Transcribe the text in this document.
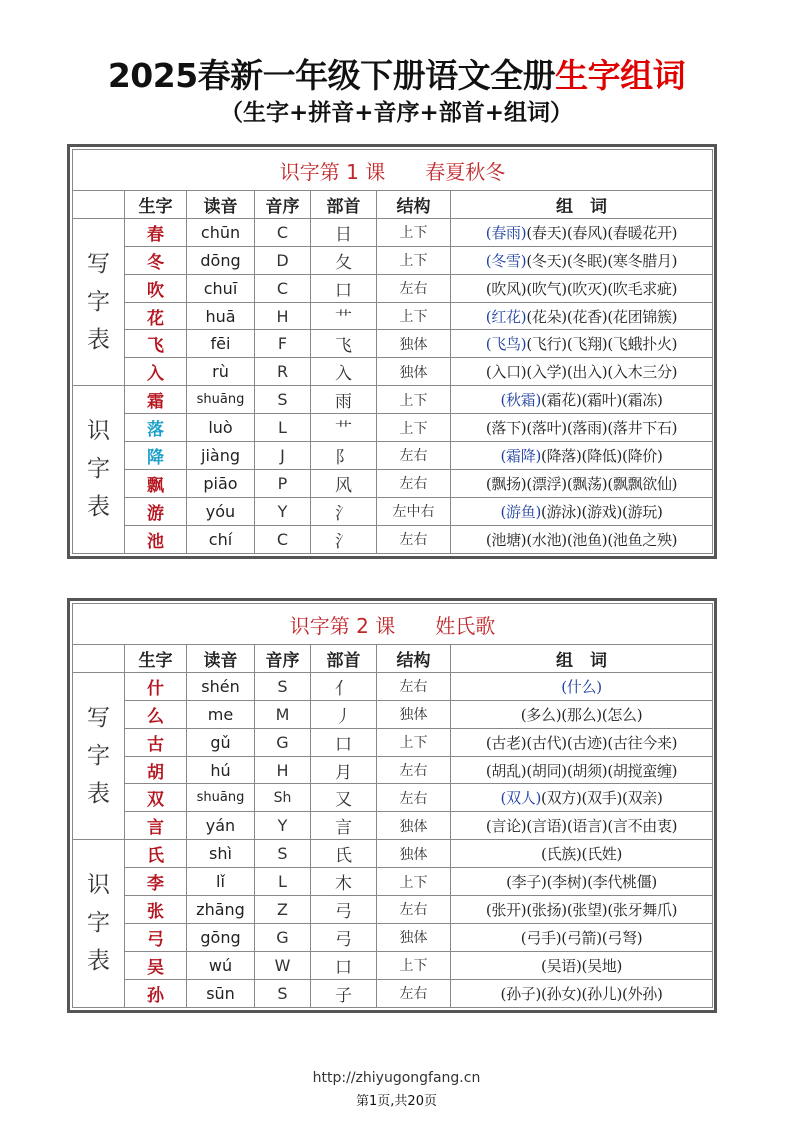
2025春新一年级下册语文全册生字组词
（生字+拼音+音序+部首+组词）
识字第 1 课 春夏秋冬						
	生字	读音	音序	部首	结构	组　词

写
字
表	春	chūn	C	日	上下	(春雨)(春天)(春风)(春暖花开)
	冬	dōng	D	夂	上下	(冬雪)(冬天)(冬眠)(寒冬腊月)
	吹	chuī	C	口	左右	(吹风)(吹气)(吹灭)(吹毛求疵)
	花	huā	H	艹	上下	(红花)(花朵)(花香)(花团锦簇)
	飞	fēi	F	飞	独体	(飞鸟)(飞行)(飞翔)(飞蛾扑火)
	入	rù	R	入	独体	(入口)(入学)(出入)(入木三分)

识
字
表	霜	shuāng	S	雨	上下	(秋霜)(霜花)(霜叶)(霜冻)
	落	luò	L	艹	上下	(落下)(落叶)(落雨)(落井下石)
	降	jiàng	J	阝	左右	(霜降)(降落)(降低)(降价)
	飘	piāo	P	风	左右	(飘扬)(漂浮)(飘荡)(飘飘欲仙)
	游	yóu	Y	氵	左中右	(游鱼)(游泳)(游戏)(游玩)
	池	chí	C	氵	左右	(池塘)(水池)(池鱼)(池鱼之殃)
识字第 2 课 姓氏歌						
	生字	读音	音序	部首	结构	组　词

写
字
表	什	shén	S	亻	左右	(什么)
	么	me	M	丿	独体	(多么)(那么)(怎么)
	古	gǔ	G	口	上下	(古老)(古代)(古迹)(古往今来)
	胡	hú	H	月	左右	(胡乱)(胡同)(胡须)(胡搅蛮缠)
	双	shuāng	Sh	又	左右	(双人)(双方)(双手)(双亲)
	言	yán	Y	言	独体	(言论)(言语)(语言)(言不由衷)

识
字
表	氏	shì	S	氏	独体	(氏族)(氏姓)
	李	lǐ	L	木	上下	(李子)(李树)(李代桃僵)
	张	zhāng	Z	弓	左右	(张开)(张扬)(张望)(张牙舞爪)
	弓	gōng	G	弓	独体	(弓手)(弓箭)(弓弩)
	吴	wú	W	口	上下	(吴语)(吴地)
	孙	sūn	S	子	左右	(孙子)(孙女)(孙儿)(外孙)
http://zhiyugongfang.cn
第1页,共20页
